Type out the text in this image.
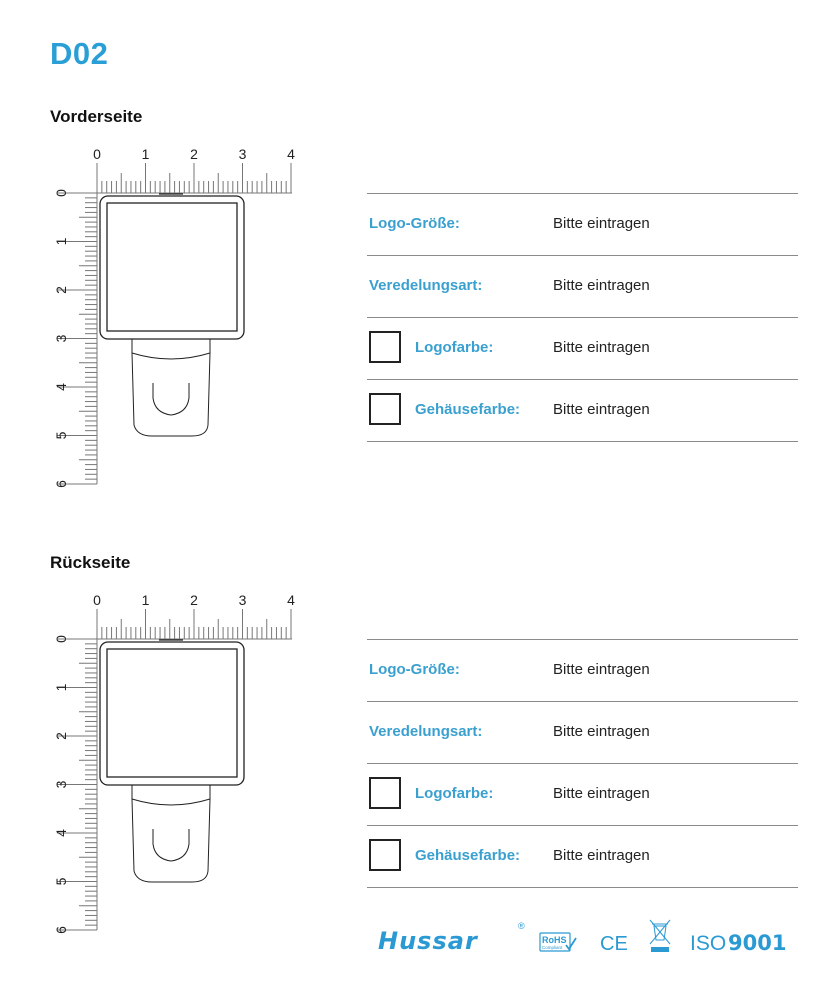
D02
Vorderseite
0	1	2	3	4
0
1
2
3
4
5
6
Logo-Größe:	Bitte eintragen
Veredelungsart:	Bitte eintragen
Logofarbe:	Bitte eintragen
Gehäusefarbe: Bitte eintragen
Rückseite
0	1	2	3	4
0
1
2
3
4
5
6
Logo-Größe:	Bitte eintragen
Veredelungsart:	Bitte eintragen
Logofarbe:	Bitte eintragen
Gehäusefarbe: Bitte eintragen
Hussar
®
RoHS
Compliant CE	ISO 9001
